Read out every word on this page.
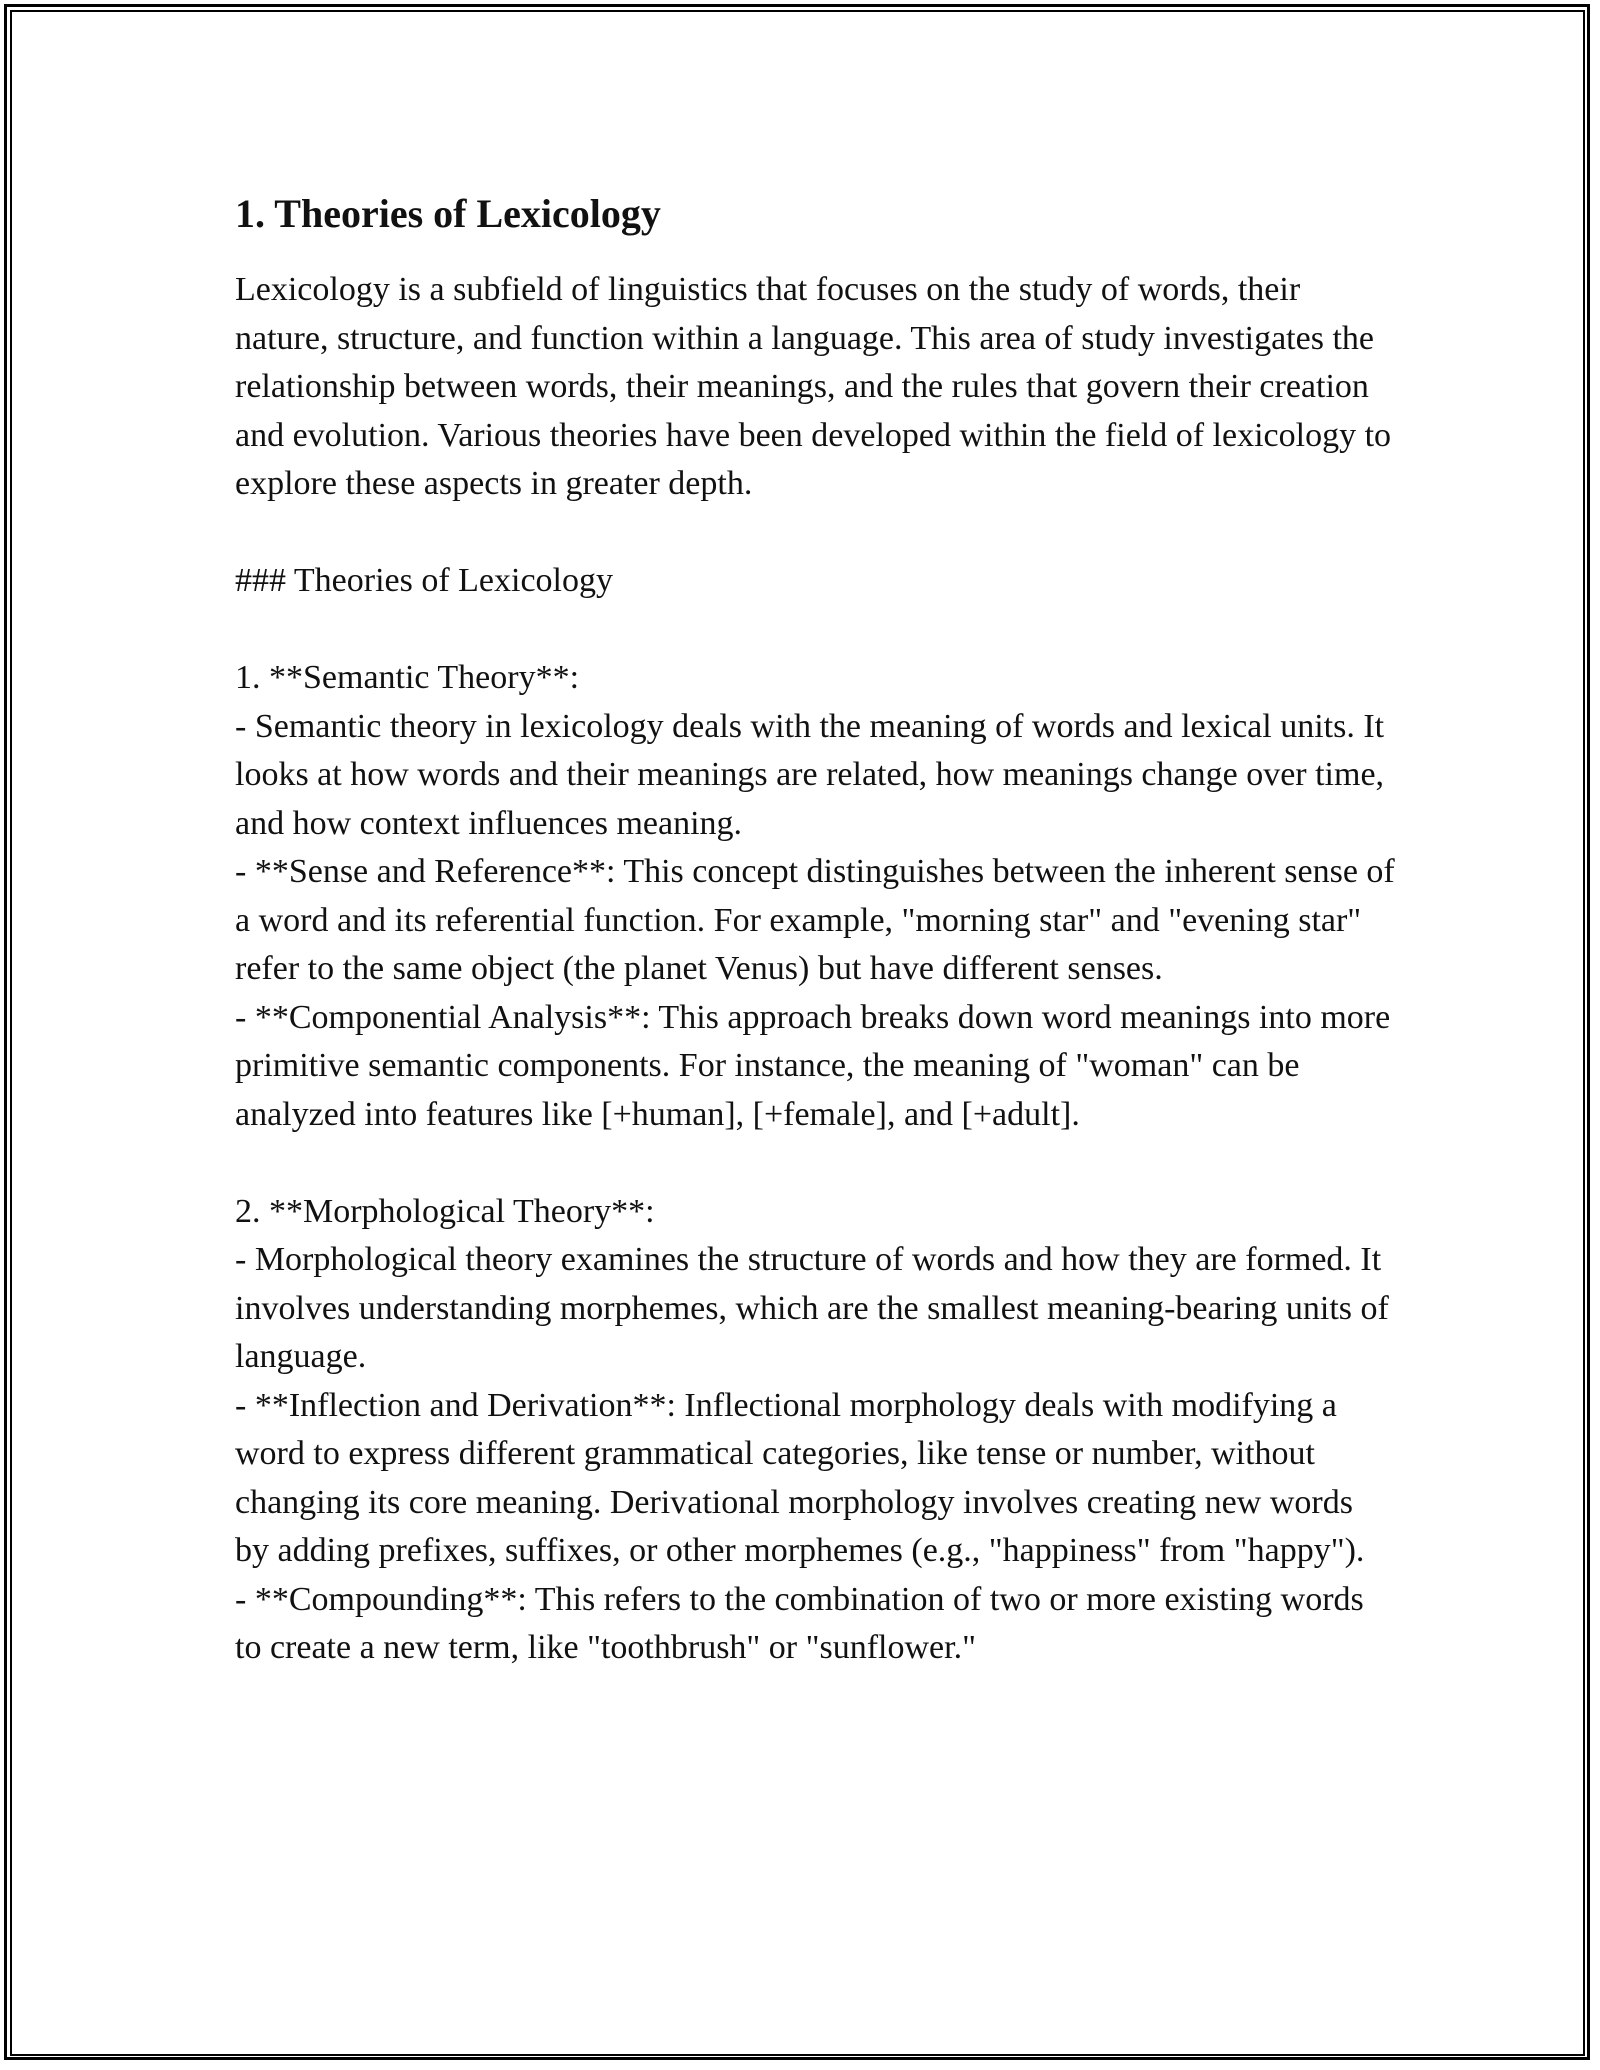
1. Theories of Lexicology

Lexicology is a subfield of linguistics that focuses on the study of words, their nature, structure, and function within a language. This area of study investigates the relationship between words, their meanings, and the rules that govern their creation and evolution. Various theories have been developed within the field of lexicology to explore these aspects in greater depth.

### Theories of Lexicology

1. **Semantic Theory**:

- Semantic theory in lexicology deals with the meaning of words and lexical units. It looks at how words and their meanings are related, how meanings change over time, and how context influences meaning.

- **Sense and Reference**: This concept distinguishes between the inherent sense of a word and its referential function. For example, "morning star" and "evening star" refer to the same object (the planet Venus) but have different senses.

- **Componential Analysis**: This approach breaks down word meanings into more primitive semantic components. For instance, the meaning of "woman" can be analyzed into features like [+human], [+female], and [+adult].

2. **Morphological Theory**:

- Morphological theory examines the structure of words and how they are formed. It involves understanding morphemes, which are the smallest meaning-bearing units of language.

- **Inflection and Derivation**: Inflectional morphology deals with modifying a word to express different grammatical categories, like tense or number, without changing its core meaning. Derivational morphology involves creating new words by adding prefixes, suffixes, or other morphemes (e.g., "happiness" from "happy").

- **Compounding**: This refers to the combination of two or more existing words to create a new term, like "toothbrush" or "sunflower."
